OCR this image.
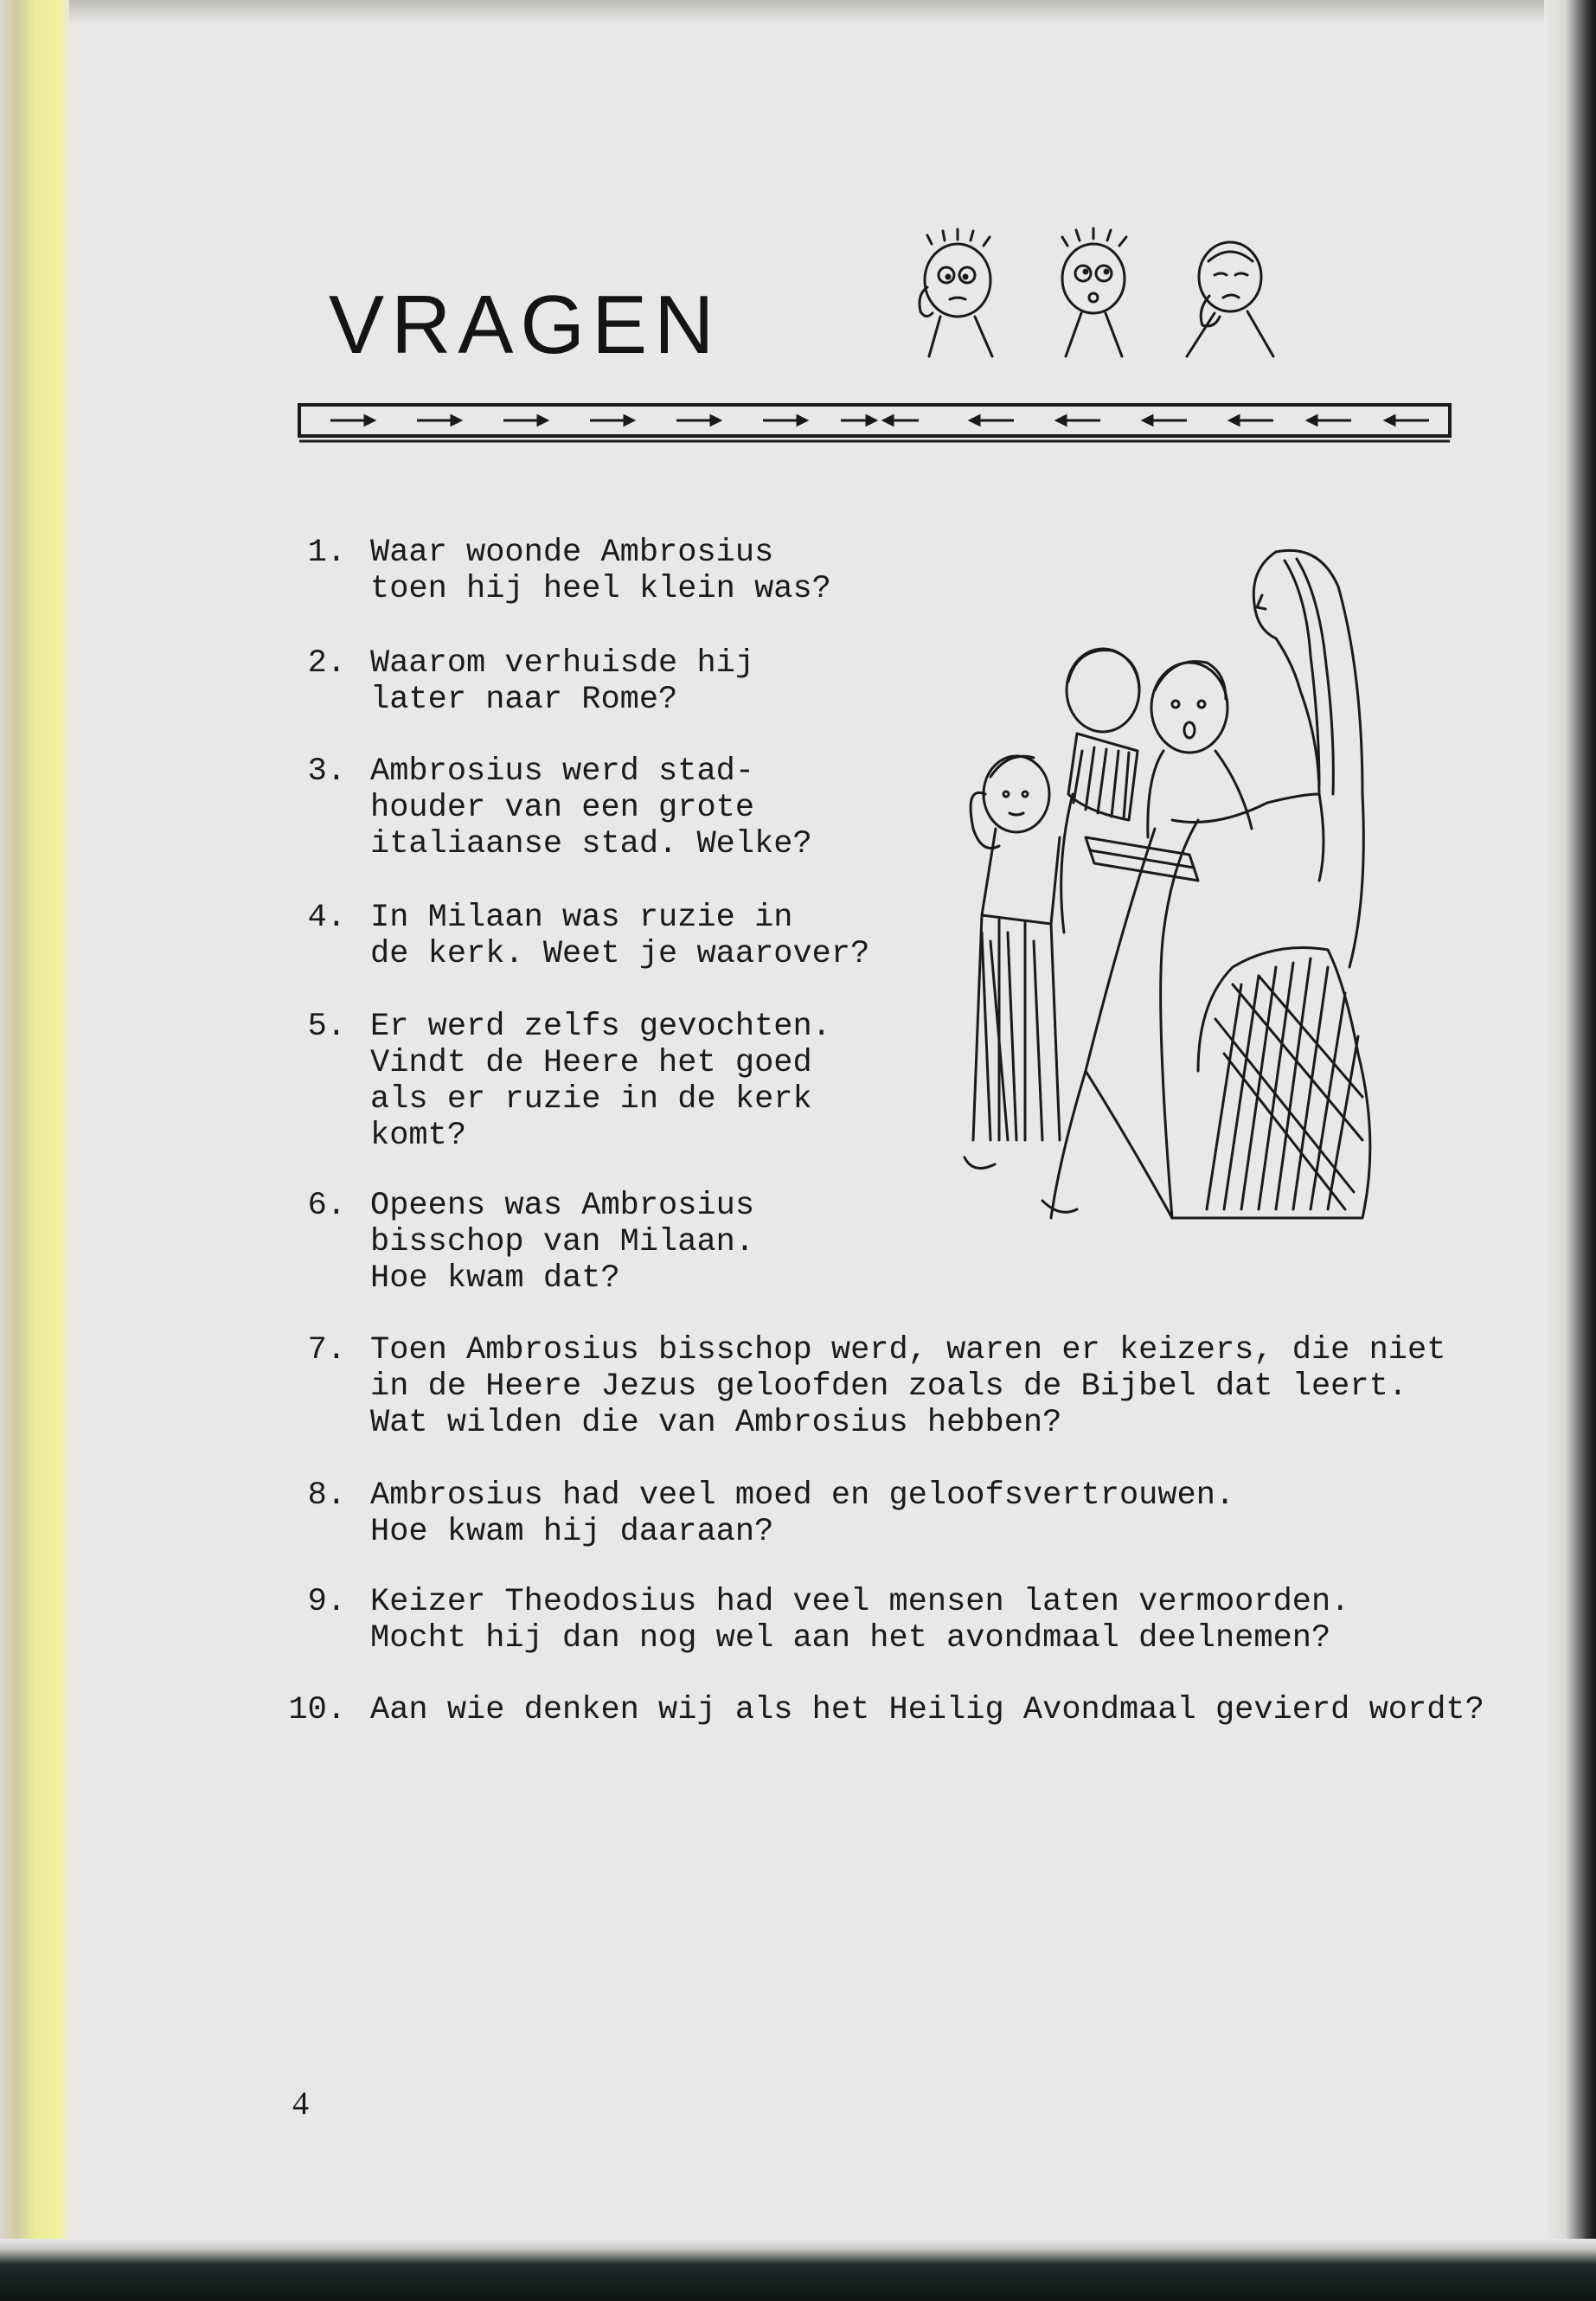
VRAGEN
1. Waar woonde Ambrosius
toen hij heel klein was?
2. Waarom verhuisde hij
later naar Rome?
3. Ambrosius werd stad-
houder van een grote
italiaanse stad. Welke?
4. In Milaan was ruzie in
de kerk. Weet je waarover?
5. Er werd zelfs gevochten.
Vindt de Heere het goed
als er ruzie in de kerk
komt?
6. Opeens was Ambrosius
bisschop van Milaan.
Hoe kwam dat?
7. Toen Ambrosius bisschop werd, waren er keizers, die niet
in de Heere Jezus geloofden zoals de Bijbel dat leert.
Wat wilden die van Ambrosius hebben?
8. Ambrosius had veel moed en geloofsvertrouwen.
Hoe kwam hij daaraan?
9. Keizer Theodosius had veel mensen laten vermoorden.
Mocht hij dan nog wel aan het avondmaal deelnemen?
10. Aan wie denken wij als het Heilig Avondmaal gevierd wordt?
4
